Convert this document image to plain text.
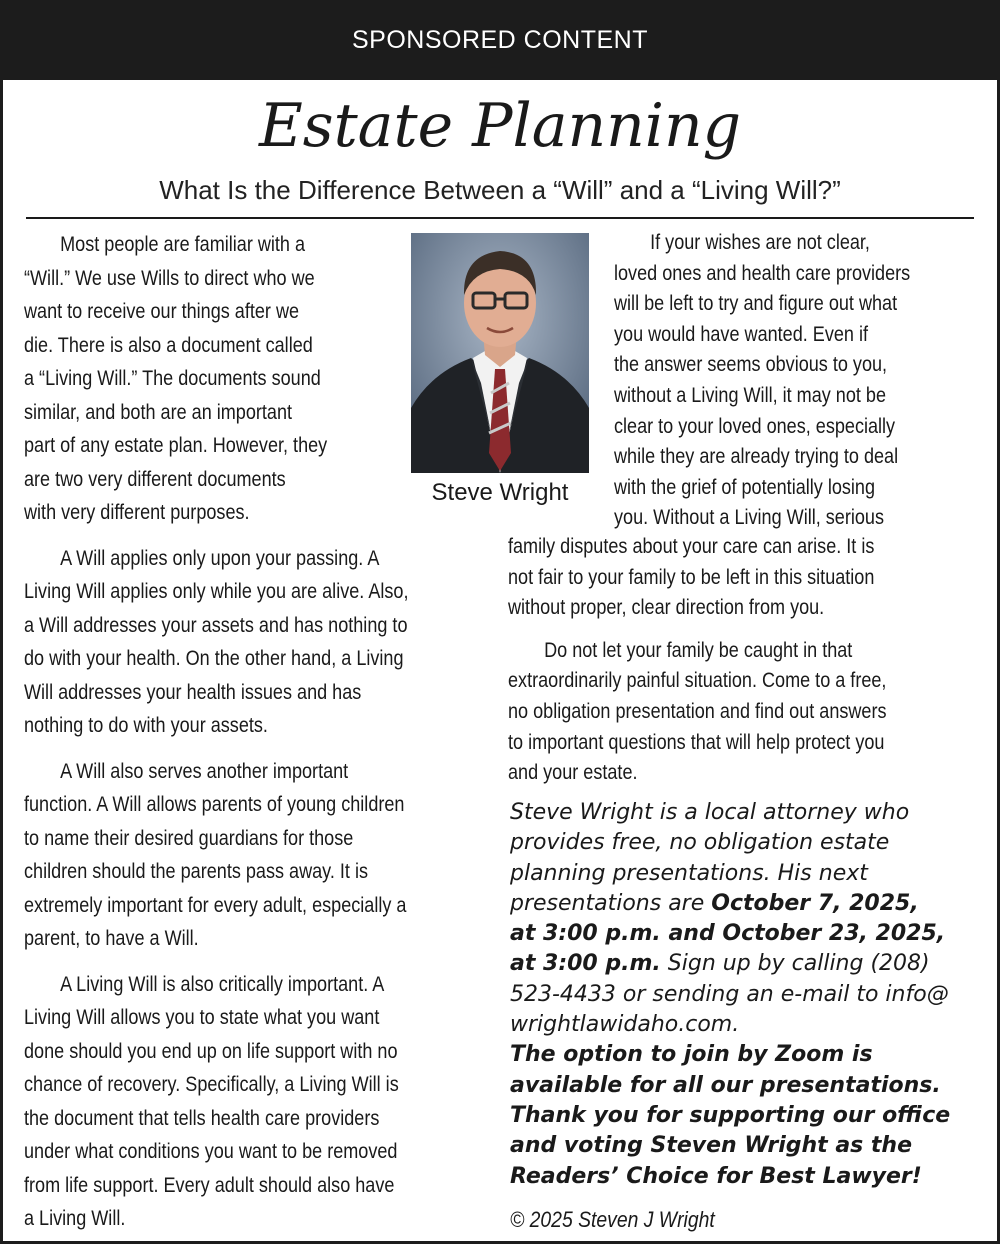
SPONSORED CONTENT
Estate Planning
What Is the Difference Between a “Will” and a “Living Will?”
Most people are familiar with a
“Will.” We use Wills to direct who we
want to receive our things after we
die. There is also a document called
a “Living Will.” The documents sound
similar, and both are an important
part of any estate plan. However, they
are two very different documents
with very different purposes.
A Will applies only upon your passing. A
Living Will applies only while you are alive. Also,
a Will addresses your assets and has nothing to
do with your health. On the other hand, a Living
Will addresses your health issues and has
nothing to do with your assets.
A Will also serves another important
function. A Will allows parents of young children
to name their desired guardians for those
children should the parents pass away. It is
extremely important for every adult, especially a
parent, to have a Will.
A Living Will is also critically important. A
Living Will allows you to state what you want
done should you end up on life support with no
chance of recovery. Specifically, a Living Will is
the document that tells health care providers
under what conditions you want to be removed
from life support. Every adult should also have
a Living Will.
Steve Wright
If your wishes are not clear,
loved ones and health care providers
will be left to try and figure out what
you would have wanted. Even if
the answer seems obvious to you,
without a Living Will, it may not be
clear to your loved ones, especially
while they are already trying to deal
with the grief of potentially losing
you. Without a Living Will, serious
family disputes about your care can arise. It is
not fair to your family to be left in this situation
without proper, clear direction from you.
Do not let your family be caught in that
extraordinarily painful situation. Come to a free,
no obligation presentation and find out answers
to important questions that will help protect you
and your estate.
Steve Wright is a local attorney who
provides free, no obligation estate
planning presentations. His next
presentations are October 7, 2025,
at 3:00 p.m. and October 23, 2025,
at 3:00 p.m. Sign up by calling (208)
523-4433 or sending an e-mail to info@
wrightlawidaho.com.
The option to join by Zoom is
available for all our presentations.
Thank you for supporting our office
and voting Steven Wright as the
Readers’ Choice for Best Lawyer!
© 2025 Steven J Wright
